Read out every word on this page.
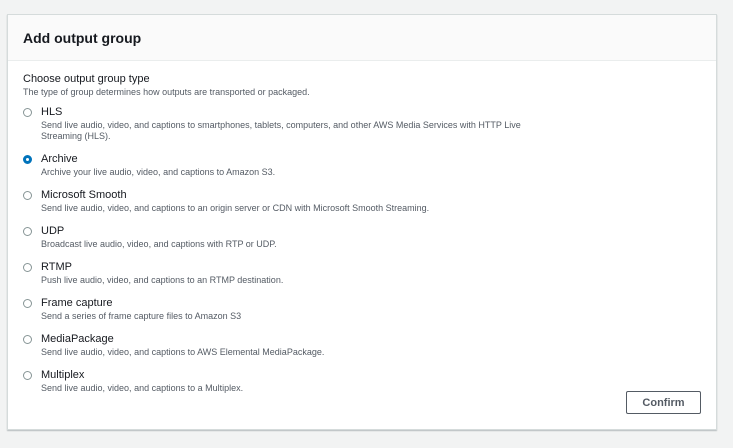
Add output group
Choose output group type
The type of group determines how outputs are transported or packaged.
HLS
Send live audio, video, and captions to smartphones, tablets, computers, and other AWS Media Services with HTTP Live Streaming (HLS).
Archive
Archive your live audio, video, and captions to Amazon S3.
Microsoft Smooth
Send live audio, video, and captions to an origin server or CDN with Microsoft Smooth Streaming.
UDP
Broadcast live audio, video, and captions with RTP or UDP.
RTMP
Push live audio, video, and captions to an RTMP destination.
Frame capture
Send a series of frame capture files to Amazon S3
MediaPackage
Send live audio, video, and captions to AWS Elemental MediaPackage.
Multiplex
Send live audio, video, and captions to a Multiplex.
Confirm
